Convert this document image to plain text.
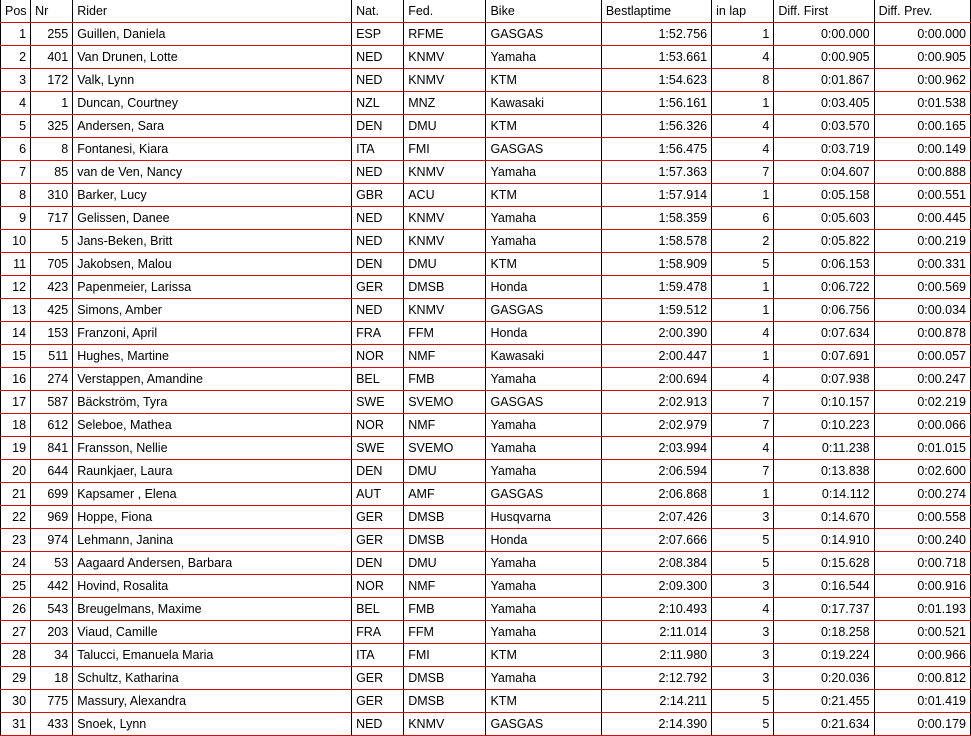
Pos	Nr	Rider	Nat.	Fed.	Bike	Bestlaptime	in lap	Diff. First	Diff. Prev.
1	255	Guillen, Daniela	ESP	RFME	GASGAS	1:52.756	1	0:00.000	0:00.000
2	401	Van Drunen, Lotte	NED	KNMV	Yamaha	1:53.661	4	0:00.905	0:00.905
3	172	Valk, Lynn	NED	KNMV	KTM	1:54.623	8	0:01.867	0:00.962
4	1	Duncan, Courtney	NZL	MNZ	Kawasaki	1:56.161	1	0:03.405	0:01.538
5	325	Andersen, Sara	DEN	DMU	KTM	1:56.326	4	0:03.570	0:00.165
6	8	Fontanesi, Kiara	ITA	FMI	GASGAS	1:56.475	4	0:03.719	0:00.149
7	85	van de Ven, Nancy	NED	KNMV	Yamaha	1:57.363	7	0:04.607	0:00.888
8	310	Barker, Lucy	GBR	ACU	KTM	1:57.914	1	0:05.158	0:00.551
9	717	Gelissen, Danee	NED	KNMV	Yamaha	1:58.359	6	0:05.603	0:00.445
10	5	Jans-Beken, Britt	NED	KNMV	Yamaha	1:58.578	2	0:05.822	0:00.219
11	705	Jakobsen, Malou	DEN	DMU	KTM	1:58.909	5	0:06.153	0:00.331
12	423	Papenmeier, Larissa	GER	DMSB	Honda	1:59.478	1	0:06.722	0:00.569
13	425	Simons, Amber	NED	KNMV	GASGAS	1:59.512	1	0:06.756	0:00.034
14	153	Franzoni, April	FRA	FFM	Honda	2:00.390	4	0:07.634	0:00.878
15	511	Hughes, Martine	NOR	NMF	Kawasaki	2:00.447	1	0:07.691	0:00.057
16	274	Verstappen, Amandine	BEL	FMB	Yamaha	2:00.694	4	0:07.938	0:00.247
17	587	Bäckström, Tyra	SWE	SVEMO	GASGAS	2:02.913	7	0:10.157	0:02.219
18	612	Seleboe, Mathea	NOR	NMF	Yamaha	2:02.979	7	0:10.223	0:00.066
19	841	Fransson, Nellie	SWE	SVEMO	Yamaha	2:03.994	4	0:11.238	0:01.015
20	644	Raunkjaer, Laura	DEN	DMU	Yamaha	2:06.594	7	0:13.838	0:02.600
21	699	Kapsamer , Elena	AUT	AMF	GASGAS	2:06.868	1	0:14.112	0:00.274
22	969	Hoppe, Fiona	GER	DMSB	Husqvarna	2:07.426	3	0:14.670	0:00.558
23	974	Lehmann, Janina	GER	DMSB	Honda	2:07.666	5	0:14.910	0:00.240
24	53	Aagaard Andersen, Barbara	DEN	DMU	Yamaha	2:08.384	5	0:15.628	0:00.718
25	442	Hovind, Rosalita	NOR	NMF	Yamaha	2:09.300	3	0:16.544	0:00.916
26	543	Breugelmans, Maxime	BEL	FMB	Yamaha	2:10.493	4	0:17.737	0:01.193
27	203	Viaud, Camille	FRA	FFM	Yamaha	2:11.014	3	0:18.258	0:00.521
28	34	Talucci, Emanuela Maria	ITA	FMI	KTM	2:11.980	3	0:19.224	0:00.966
29	18	Schultz, Katharina	GER	DMSB	Yamaha	2:12.792	3	0:20.036	0:00.812
30	775	Massury, Alexandra	GER	DMSB	KTM	2:14.211	5	0:21.455	0:01.419
31	433	Snoek, Lynn	NED	KNMV	GASGAS	2:14.390	5	0:21.634	0:00.179
